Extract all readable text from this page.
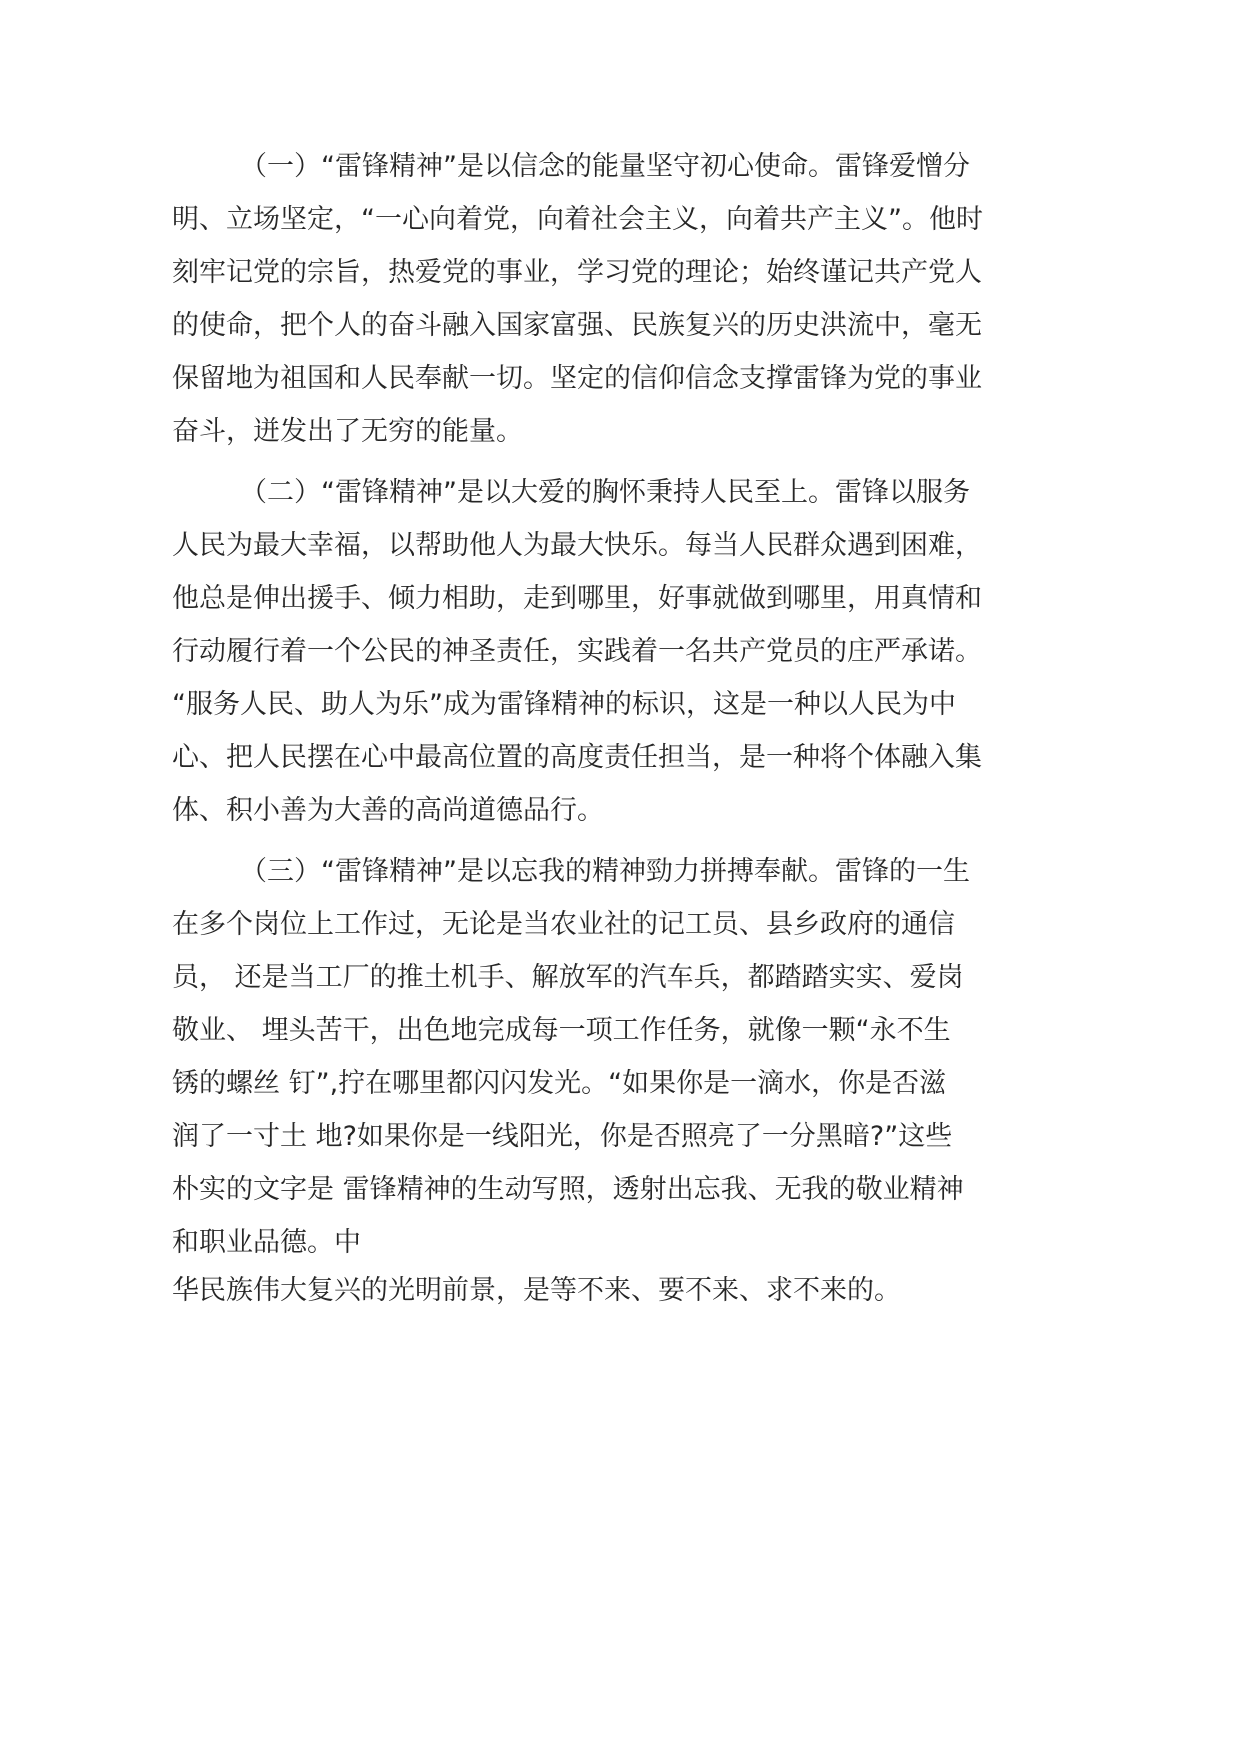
（一）“雷锋精神”是以信念的能量坚守初心使命。雷锋爱憎分
明、立场坚定，“一心向着党，向着社会主义，向着共产主义”。他时
刻牢记党的宗旨，热爱党的事业，学习党的理论；始终谨记共产党人
的使命，把个人的奋斗融入国家富强、民族复兴的历史洪流中，毫无
保留地为祖国和人民奉献一切。坚定的信仰信念支撑雷锋为党的事业
奋斗，迸发出了无穷的能量。
（二）“雷锋精神”是以大爱的胸怀秉持人民至上。雷锋以服务
人民为最大幸福，以帮助他人为最大快乐。每当人民群众遇到困难，
他总是伸出援手、倾力相助，走到哪里，好事就做到哪里，用真情和
行动履行着一个公民的神圣责任，实践着一名共产党员的庄严承诺。
“服务人民、助人为乐”成为雷锋精神的标识，这是一种以人民为中
心、把人民摆在心中最高位置的高度责任担当，是一种将个体融入集
体、积小善为大善的高尚道德品行。
（三）“雷锋精神”是以忘我的精神勁力拼搏奉献。雷锋的一生
在多个岗位上工作过，无论是当农业社的记工员、县乡政府的通信
员， 还是当工厂的推土机手、解放军的汽车兵，都踏踏实实、爱岗
敬业、 埋头苦干，出色地完成每一项工作任务，就像一颗“永不生
锈的螺丝 钉”,拧在哪里都闪闪发光。“如果你是一滴水，你是否滋
润了一寸土 地?如果你是一线阳光，你是否照亮了一分黑暗?”这些
朴实的文字是 雷锋精神的生动写照，透射出忘我、无我的敬业精神
和职业品德。中
华民族伟大复兴的光明前景，是等不来、要不来、求不来的。
